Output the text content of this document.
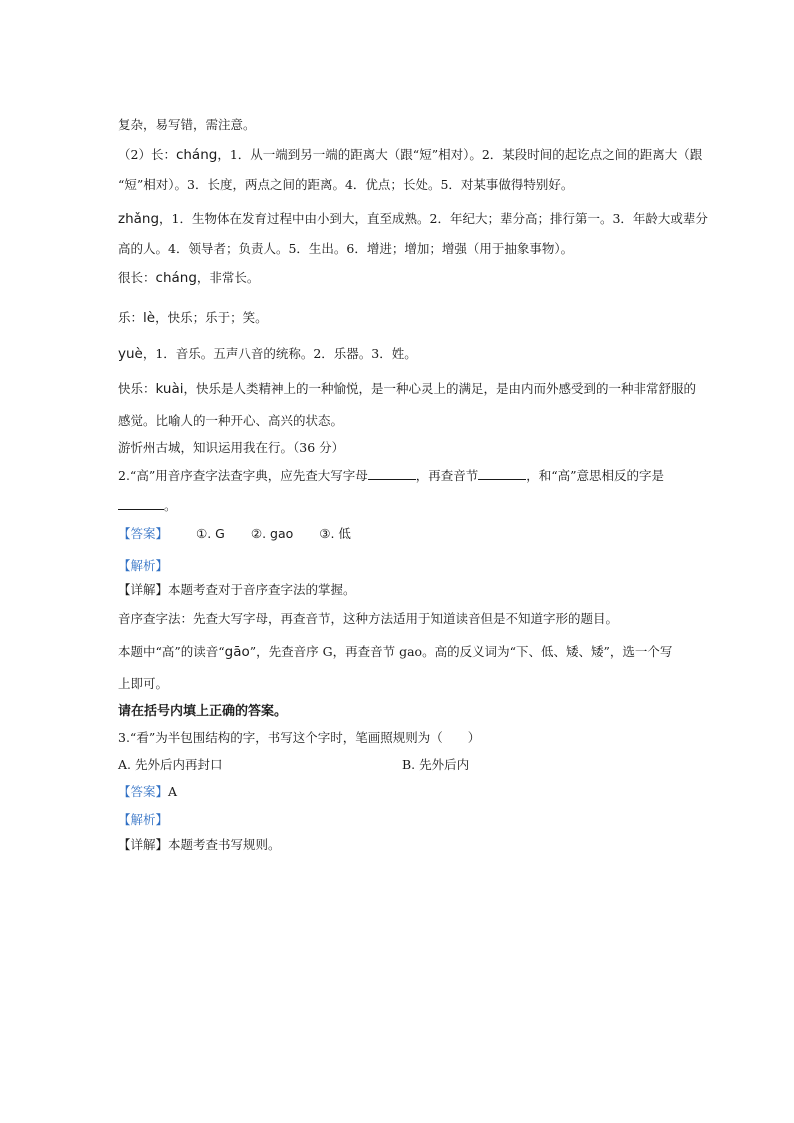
复杂，易写错，需注意。
（2）长：cháng，1．从一端到另一端的距离大（跟“短”相对）。2．某段时间的起讫点之间的距离大（跟
“短”相对）。3．长度，两点之间的距离。4．优点；长处。5．对某事做得特别好。
zhǎng，1．生物体在发育过程中由小到大，直至成熟。2．年纪大；辈分高；排行第一。3．年龄大或辈分
高的人。4．领导者；负责人。5．生出。6．增进；增加；增强（用于抽象事物）。
很长：cháng，非常长。
乐：lè，快乐；乐于；笑。
yuè，1．音乐。五声八音的统称。2．乐器。3．姓。
快乐：kuài，快乐是人类精神上的一种愉悦，是一种心灵上的满足，是由内而外感受到的一种非常舒服的
感觉。比喻人的一种开心、高兴的状态。
游忻州古城，知识运用我在行。（36 分）
2.“高”用音序查字法查字典，应先查大写字母	，再查音节	，和“高”意思相反的字是
。
【答案】 ①. G ②. gao ③. 低
【解析】
【详解】本题考查对于音序查字法的掌握。
音序查字法：先查大写字母，再查音节，这种方法适用于知道读音但是不知道字形的题目。
本题中“高”的读音“gāo”，先查音序 G，再查音节 gao。高的反义词为“下、低、矮、矮”，选一个写
上即可。
请在括号内填上正确的答案。
3.“看”为半包围结构的字，书写这个字时，笔画照规则为（　　）
A. 先外后内再封口	B. 先外后内
【答案】A
【解析】
【详解】本题考查书写规则。
